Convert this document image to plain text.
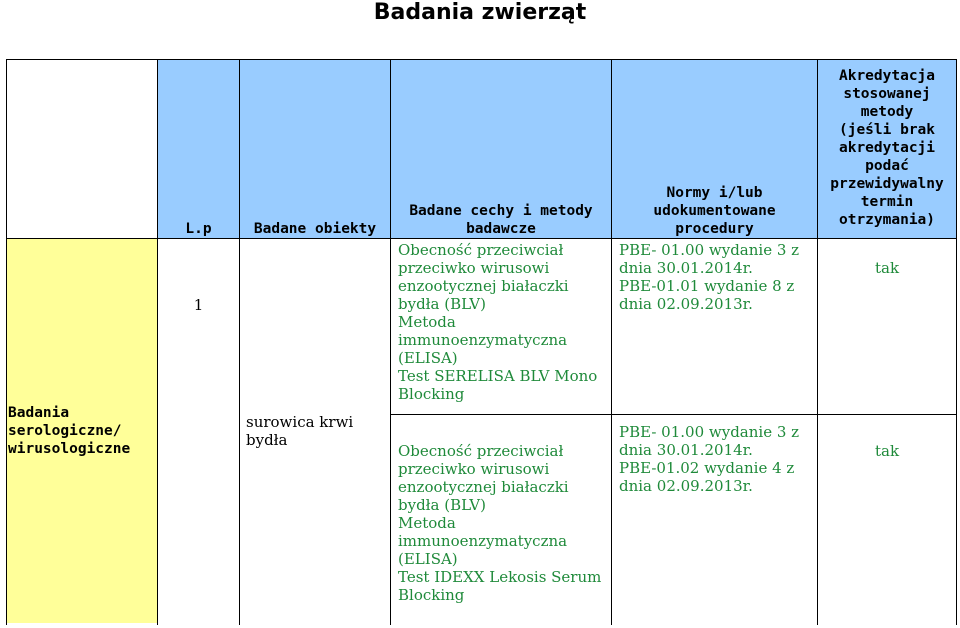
Badania zwierząt
L.p	Badane obiekty
Badane cechy i metody
badawcze
Normy i/lub
udokumentowane
procedury
Akredytacja
stosowanej
metody
(jeśli brak
akredytacji
podać
przewidywalny
termin
otrzymania)
Badania
serologiczne/
wirusologiczne
1
surowica krwi
bydła
Obecność przeciwciał
przeciwko wirusowi
enzootycznej białaczki
bydła (BLV)
Metoda
immunoenzymatyczna
(ELISA)
Test SERELISA BLV Mono
Blocking
PBE- 01.00 wydanie 3 z
dnia 30.01.2014r.
PBE-01.01 wydanie 8 z
dnia 02.09.2013r.
tak
Obecność przeciwciał
przeciwko wirusowi
enzootycznej białaczki
bydła (BLV)
Metoda
immunoenzymatyczna
(ELISA)
Test IDEXX Lekosis Serum
Blocking
PBE- 01.00 wydanie 3 z
dnia 30.01.2014r.
PBE-01.02 wydanie 4 z
dnia 02.09.2013r.
tak
